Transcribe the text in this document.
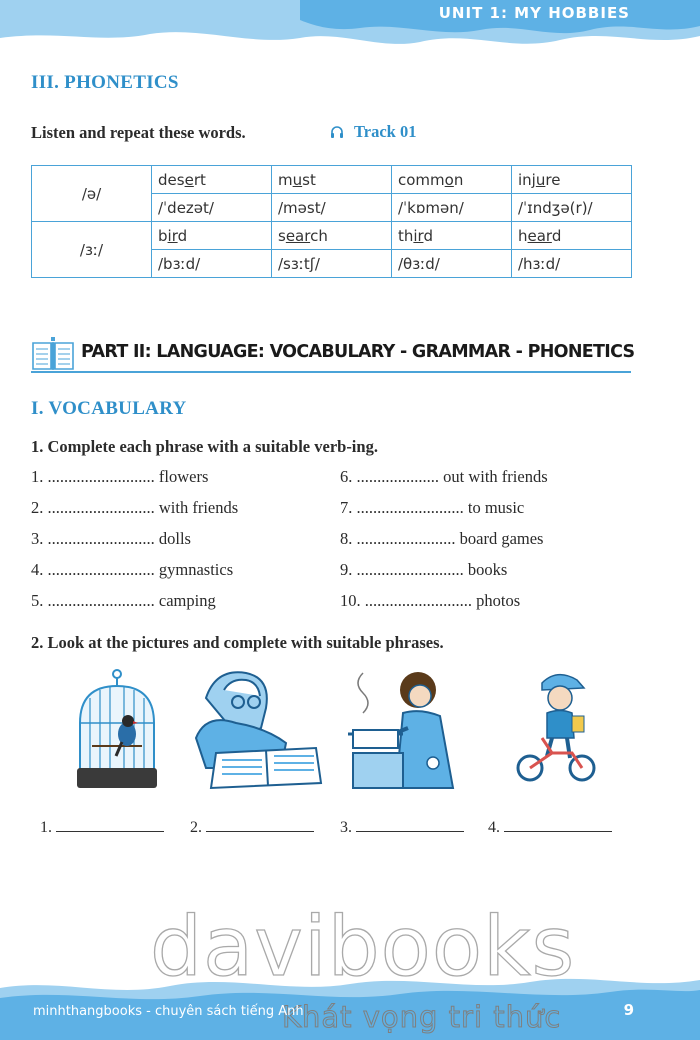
UNIT 1: MY HOBBIES
III. PHONETICS
Listen and repeat these words.	Track 01
/ə/	desert	must	common	injure
	/ˈdezət/	/məst/	/ˈkɒmən/	/ˈɪndʒə(r)/
/ɜː/	bird	search	third	heard
	/bɜːd/	/sɜːtʃ/	/θɜːd/	/hɜːd/
PART II: LANGUAGE: VOCABULARY - GRAMMAR - PHONETICS
I. VOCABULARY
1. Complete each phrase with a suitable verb-ing.
1. .......................... flowers	6. .................... out with friends
2. .......................... with friends	7. .......................... to music
3. .......................... dolls	8. ........................ board games
4. .......................... gymnastics	9. .......................... books
5. .......................... camping	10. .......................... photos
2. Look at the pictures and complete with suitable phrases.
1.	2.	3.	4.
davibooks
Khát vọng tri thức
minhthangbooks - chuyên sách tiếng Anh	9
